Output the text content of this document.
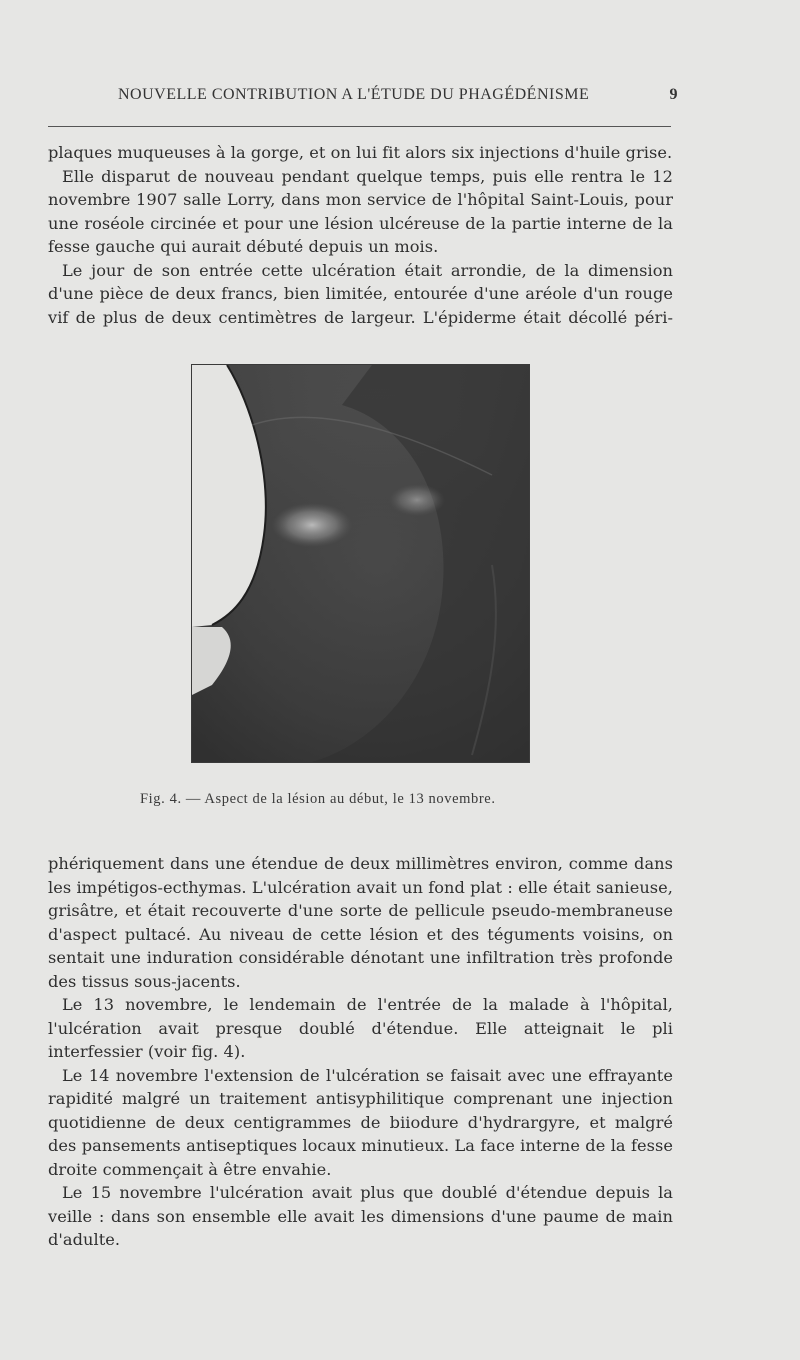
NOUVELLE CONTRIBUTION A L'ÉTUDE DU PHAGÉDÉNISME	9

plaques muqueuses à la gorge, et on lui fit alors six injections d'huile grise.

Elle disparut de nouveau pendant quelque temps, puis elle rentra le 12 novembre 1907 salle Lorry, dans mon service de l'hôpital Saint-Louis, pour une roséole circinée et pour une lésion ulcéreuse de la partie interne de la fesse gauche qui aurait débuté depuis un mois.

Le jour de son entrée cette ulcération était arrondie, de la dimension d'une pièce de deux francs, bien limitée, entourée d'une aréole d'un rouge vif de plus de deux centimètres de largeur. L'épiderme était décollé péri-

Fig. 4. — Aspect de la lésion au début, le 13 novembre.

phériquement dans une étendue de deux millimètres environ, comme dans les impétigos-ecthymas. L'ulcération avait un fond plat : elle était sanieuse, grisâtre, et était recouverte d'une sorte de pellicule pseudo-membraneuse d'aspect pultacé. Au niveau de cette lésion et des téguments voisins, on sentait une induration considérable dénotant une infiltration très profonde des tissus sous-jacents.

Le 13 novembre, le lendemain de l'entrée de la malade à l'hôpital, l'ulcération avait presque doublé d'étendue. Elle atteignait le pli interfessier (voir fig. 4).

Le 14 novembre l'extension de l'ulcération se faisait avec une effrayante rapidité malgré un traitement antisyphilitique comprenant une injection quotidienne de deux centigrammes de biiodure d'hydrargyre, et malgré des pansements antiseptiques locaux minutieux. La face interne de la fesse droite commençait à être envahie.

Le 15 novembre l'ulcération avait plus que doublé d'étendue depuis la veille : dans son ensemble elle avait les dimensions d'une paume de main d'adulte.
